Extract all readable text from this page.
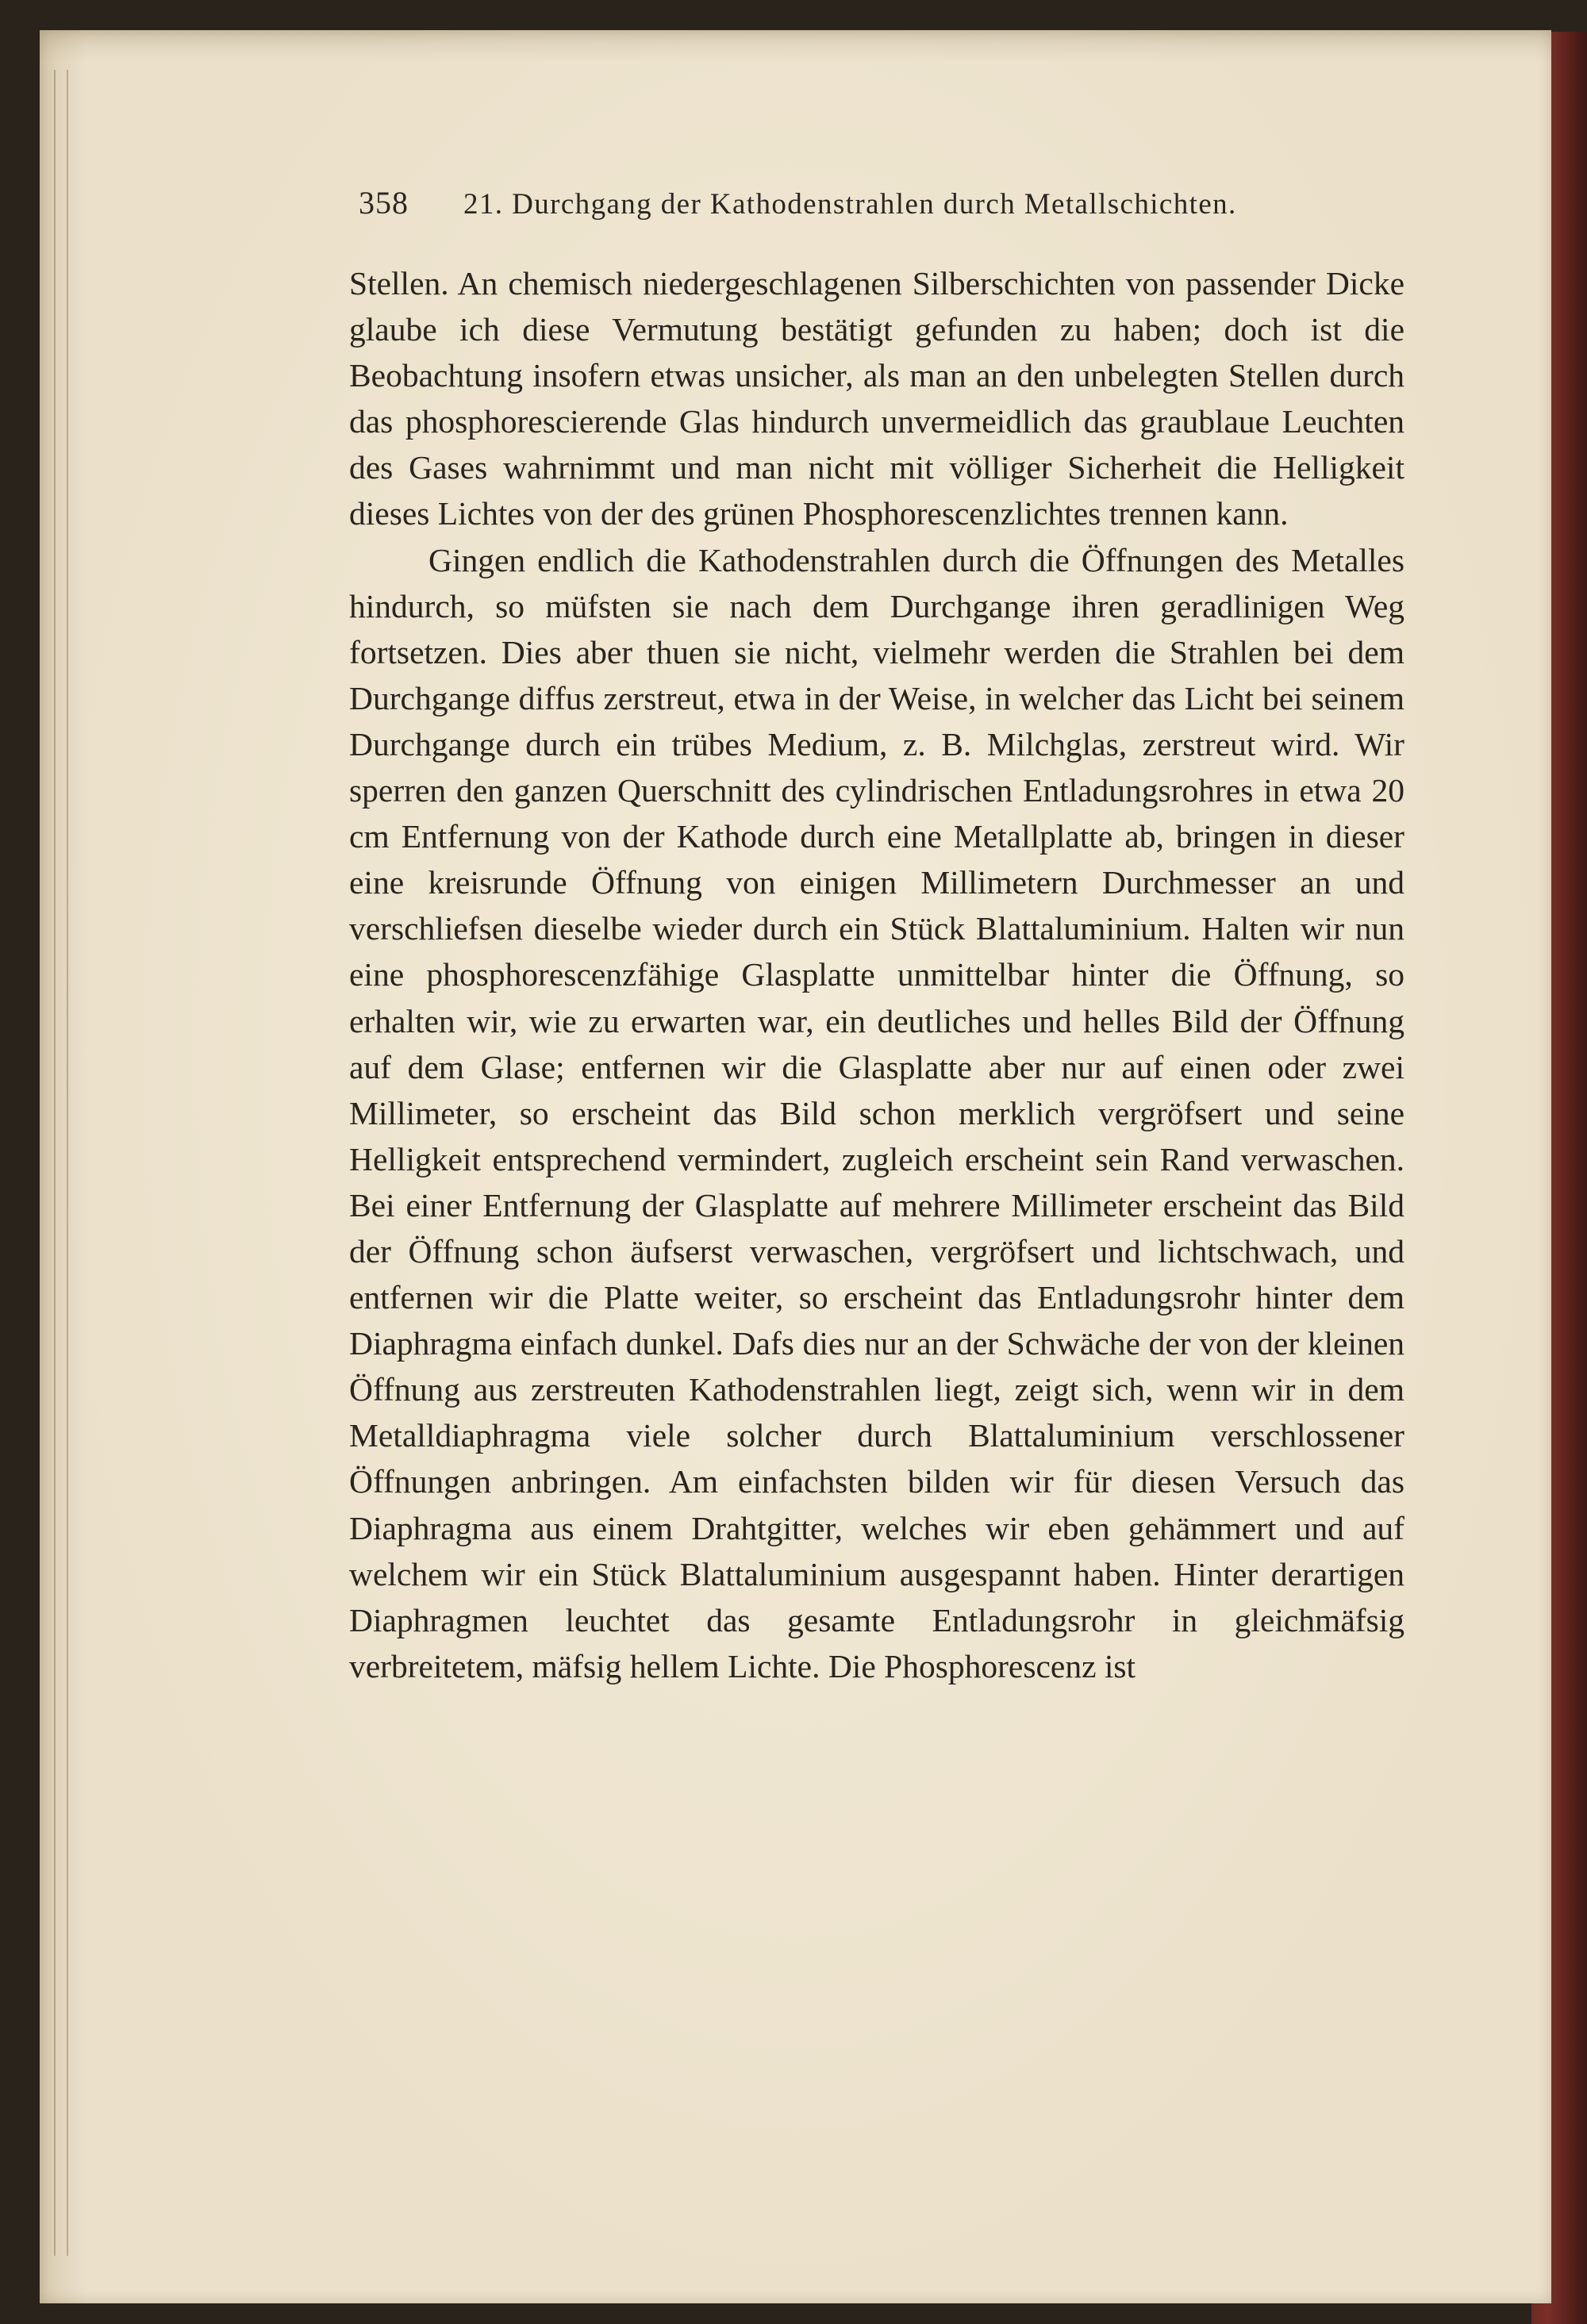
358 21. Durchgang der Kathodenstrahlen durch Metallschichten.

Stellen. An chemisch niedergeschlagenen Silberschichten von passender Dicke glaube ich diese Vermutung bestätigt gefunden zu haben; doch ist die Beobachtung insofern etwas unsicher, als man an den unbelegten Stellen durch das phosphorescierende Glas hindurch unvermeidlich das graublaue Leuchten des Gases wahrnimmt und man nicht mit völliger Sicherheit die Helligkeit dieses Lichtes von der des grünen Phosphorescenzlichtes trennen kann.

Gingen endlich die Kathodenstrahlen durch die Öffnungen des Metalles hindurch, so müfsten sie nach dem Durchgange ihren geradlinigen Weg fortsetzen. Dies aber thuen sie nicht, vielmehr werden die Strahlen bei dem Durchgange diffus zerstreut, etwa in der Weise, in welcher das Licht bei seinem Durchgange durch ein trübes Medium, z. B. Milchglas, zerstreut wird. Wir sperren den ganzen Querschnitt des cylindrischen Entladungsrohres in etwa 20 cm Entfernung von der Kathode durch eine Metallplatte ab, bringen in dieser eine kreisrunde Öffnung von einigen Millimetern Durchmesser an und verschliefsen dieselbe wieder durch ein Stück Blattaluminium. Halten wir nun eine phosphorescenzfähige Glasplatte unmittelbar hinter die Öffnung, so erhalten wir, wie zu erwarten war, ein deutliches und helles Bild der Öffnung auf dem Glase; entfernen wir die Glasplatte aber nur auf einen oder zwei Millimeter, so erscheint das Bild schon merklich vergröfsert und seine Helligkeit entsprechend vermindert, zugleich erscheint sein Rand verwaschen. Bei einer Entfernung der Glasplatte auf mehrere Millimeter erscheint das Bild der Öffnung schon äufserst verwaschen, vergröfsert und lichtschwach, und entfernen wir die Platte weiter, so erscheint das Entladungsrohr hinter dem Diaphragma einfach dunkel. Dafs dies nur an der Schwäche der von der kleinen Öffnung aus zerstreuten Kathodenstrahlen liegt, zeigt sich, wenn wir in dem Metalldiaphragma viele solcher durch Blattaluminium verschlossener Öffnungen anbringen. Am einfachsten bilden wir für diesen Versuch das Diaphragma aus einem Drahtgitter, welches wir eben gehämmert und auf welchem wir ein Stück Blattaluminium ausgespannt haben. Hinter derartigen Diaphragmen leuchtet das gesamte Entladungsrohr in gleichmäfsig verbreitetem, mäfsig hellem Lichte. Die Phosphorescenz ist
